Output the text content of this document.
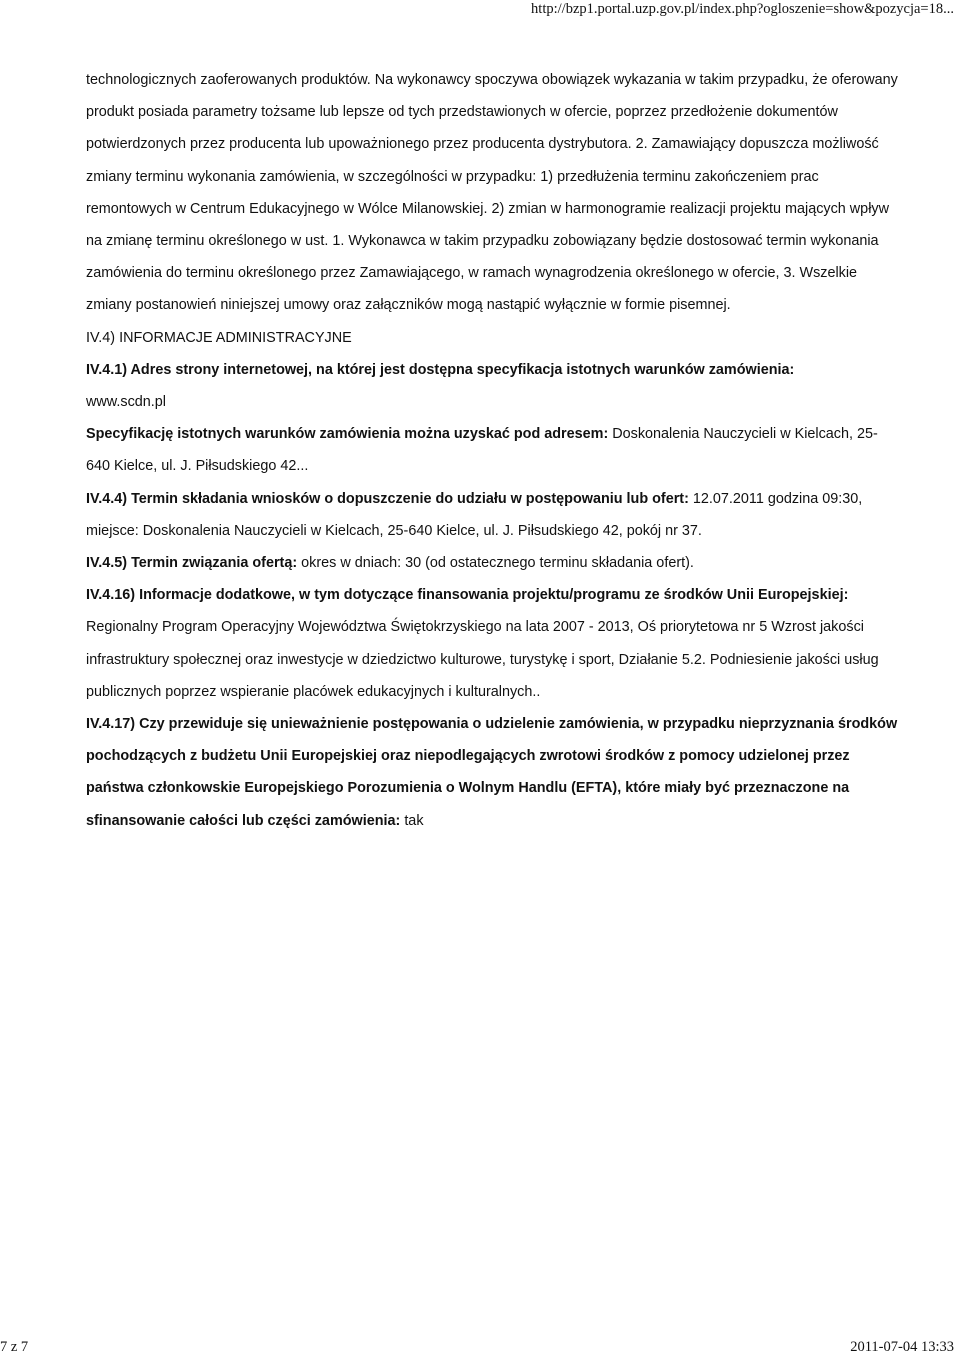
http://bzp1.portal.uzp.gov.pl/index.php?ogloszenie=show&pozycja=18...

technologicznych zaoferowanych produktów. Na wykonawcy spoczywa obowiązek wykazania w takim przypadku, że oferowany produkt posiada parametry tożsame lub lepsze od tych przedstawionych w ofercie, poprzez przedłożenie dokumentów potwierdzonych przez producenta lub upoważnionego przez producenta dystrybutora. 2. Zamawiający dopuszcza możliwość zmiany terminu wykonania zamówienia, w szczególności w przypadku: 1) przedłużenia terminu zakończeniem prac remontowych w Centrum Edukacyjnego w Wólce Milanowskiej. 2) zmian w harmonogramie realizacji projektu mających wpływ na zmianę terminu określonego w ust. 1. Wykonawca w takim przypadku zobowiązany będzie dostosować termin wykonania zamówienia do terminu określonego przez Zamawiającego, w ramach wynagrodzenia określonego w ofercie, 3. Wszelkie zmiany postanowień niniejszej umowy oraz załączników mogą nastąpić wyłącznie w formie pisemnej.

IV.4) INFORMACJE ADMINISTRACYJNE

IV.4.1) Adres strony internetowej, na której jest dostępna specyfikacja istotnych warunków zamówienia:
www.scdn.pl

Specyfikację istotnych warunków zamówienia można uzyskać pod adresem: Doskonalenia Nauczycieli w Kielcach, 25-640 Kielce, ul. J. Piłsudskiego 42...

IV.4.4) Termin składania wniosków o dopuszczenie do udziału w postępowaniu lub ofert: 12.07.2011 godzina 09:30, miejsce: Doskonalenia Nauczycieli w Kielcach, 25-640 Kielce, ul. J. Piłsudskiego 42, pokój nr 37.

IV.4.5) Termin związania ofertą: okres w dniach: 30 (od ostatecznego terminu składania ofert).

IV.4.16) Informacje dodatkowe, w tym dotyczące finansowania projektu/programu ze środków Unii Europejskiej: Regionalny Program Operacyjny Województwa Świętokrzyskiego na lata 2007 - 2013, Oś priorytetowa nr 5 Wzrost jakości infrastruktury społecznej oraz inwestycje w dziedzictwo kulturowe, turystykę i sport, Działanie 5.2. Podniesienie jakości usług publicznych poprzez wspieranie placówek edukacyjnych i kulturalnych..

IV.4.17) Czy przewiduje się unieważnienie postępowania o udzielenie zamówienia, w przypadku nieprzyznania środków pochodzących z budżetu Unii Europejskiej oraz niepodlegających zwrotowi środków z pomocy udzielonej przez państwa członkowskie Europejskiego Porozumienia o Wolnym Handlu (EFTA), które miały być przeznaczone na sfinansowanie całości lub części zamówienia: tak

7 z 7	2011-07-04 13:33
